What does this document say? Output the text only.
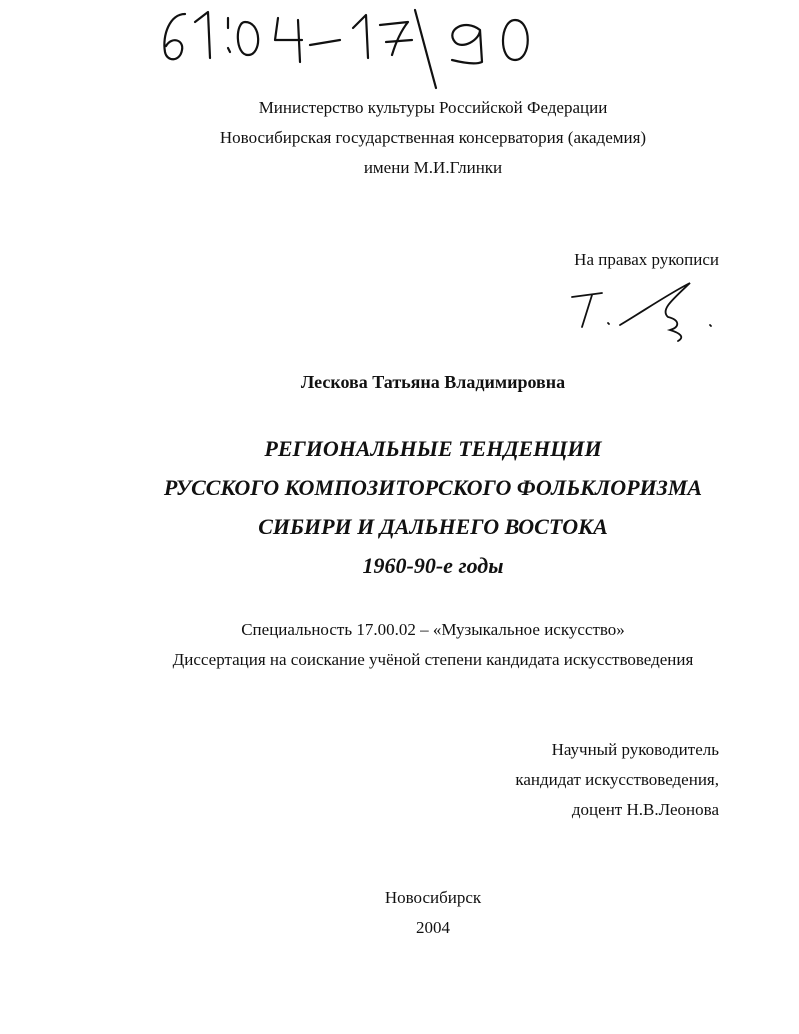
Министерство культуры Российской Федерации
Новосибирская государственная консерватория (академия)
имени М.И.Глинки
На правах рукописи
Лескова Татьяна Владимировна
РЕГИОНАЛЬНЫЕ ТЕНДЕНЦИИ
РУССКОГО КОМПОЗИТОРСКОГО ФОЛЬКЛОРИЗМА
СИБИРИ И ДАЛЬНЕГО ВОСТОКА
1960-90-е годы
Специальность 17.00.02 – «Музыкальное искусство»
Диссертация на соискание учёной степени кандидата искусствоведения
Научный руководитель
кандидат искусствоведения,
доцент Н.В.Леонова
Новосибирск
2004
